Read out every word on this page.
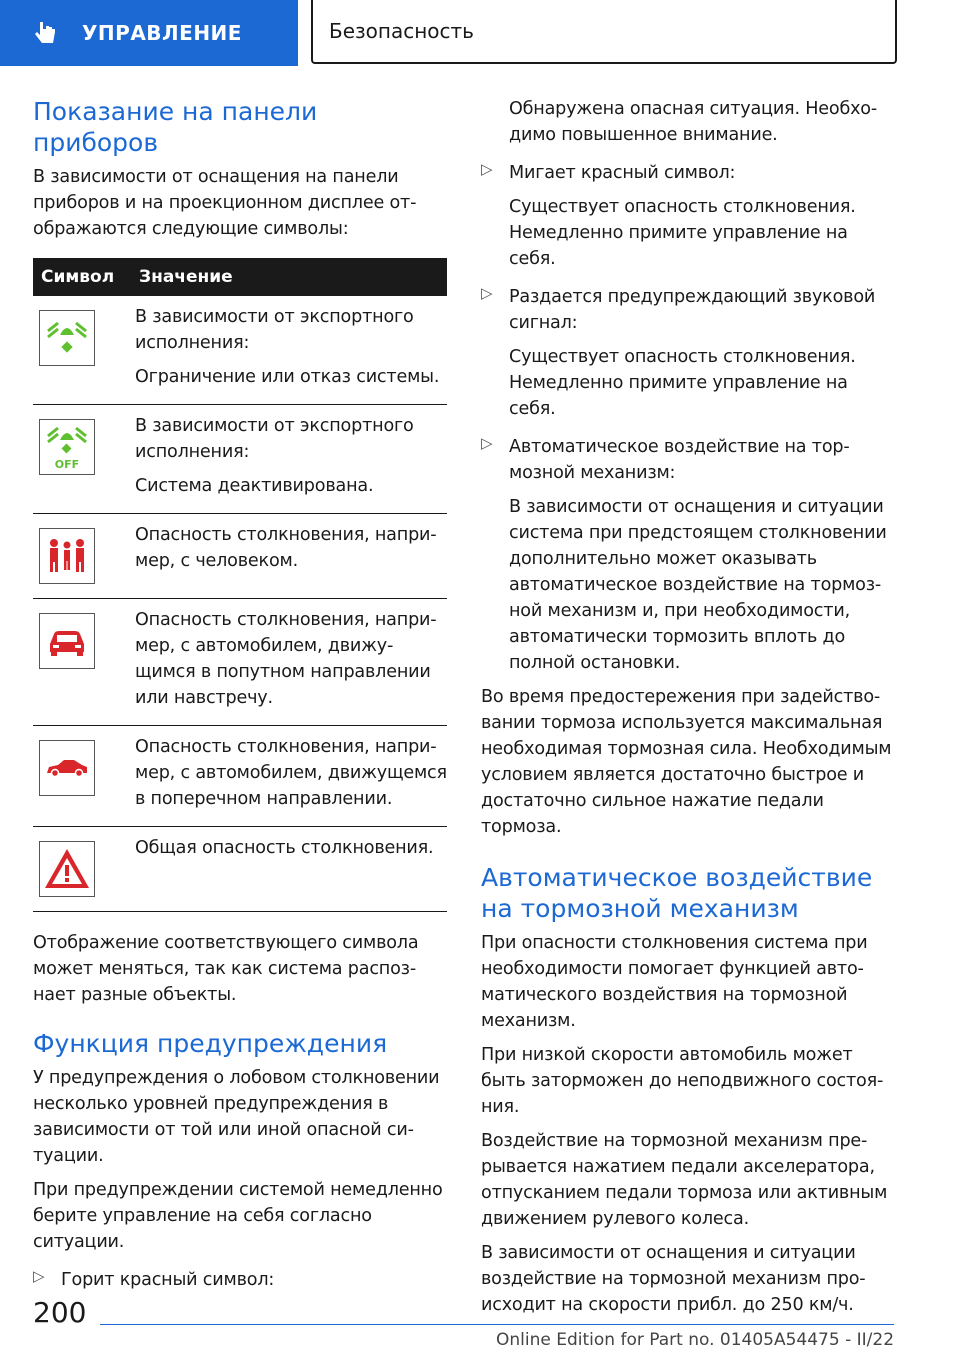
УПРАВЛЕНИЕ	Безопасность
Показание на панели приборов

В зависимости от оснащения на панели приборов и на проекционном дисплее отображаются следующие символы:

Символ	Значение

В зависимости от экспортного исполнения:

Ограничение или отказ системы.

OFF	В зависимости от экспортного исполнения:

Система деактивирована.

Опасность столкновения, например, с человеком.

Опасность столкновения, например, с автомобилем, движущимся в попутном направлении или навстречу.

Опасность столкновения, например, с автомобилем, движущемся в поперечном направлении.

Общая опасность столкновения.

Отображение соответствующего символа может меняться, так как система распознает разные объекты.

Функция предупреждения

У предупреждения о лобовом столкновении несколько уровней предупреждения в зависимости от той или иной опасной ситуации.

При предупреждении системой немедленно берите управление на себя согласно ситуации.

▷ Горит красный символ:

Обнаружена опасная ситуация. Необходимо повышенное внимание.

▷ Мигает красный символ:

Существует опасность столкновения. Немедленно примите управление на себя.

▷ Раздается предупреждающий звуковой сигнал:

Существует опасность столкновения. Немедленно примите управление на себя.

▷ Автоматическое воздействие на тормозной механизм:

В зависимости от оснащения и ситуации система при предстоящем столкновении дополнительно может оказывать автоматическое воздействие на тормозной механизм и, при необходимости, автоматически тормозить вплоть до полной остановки.

Во время предостережения при задействовании тормоза используется максимальная необходимая тормозная сила. Необходимым условием является достаточно быстрое и достаточно сильное нажатие педали тормоза.

Автоматическое воздействие на тормозной механизм

При опасности столкновения система при необходимости помогает функцией автоматического воздействия на тормозной механизм.

При низкой скорости автомобиль может быть заторможен до неподвижного состояния.

Воздействие на тормозной механизм прерывается нажатием педали акселератора, отпусканием педали тормоза или активным движением рулевого колеса.

В зависимости от оснащения и ситуации воздействие на тормозной механизм происходит на скорости прибл. до 250 км/ч.

200
Online Edition for Part no. 01405A54475 - II/22
